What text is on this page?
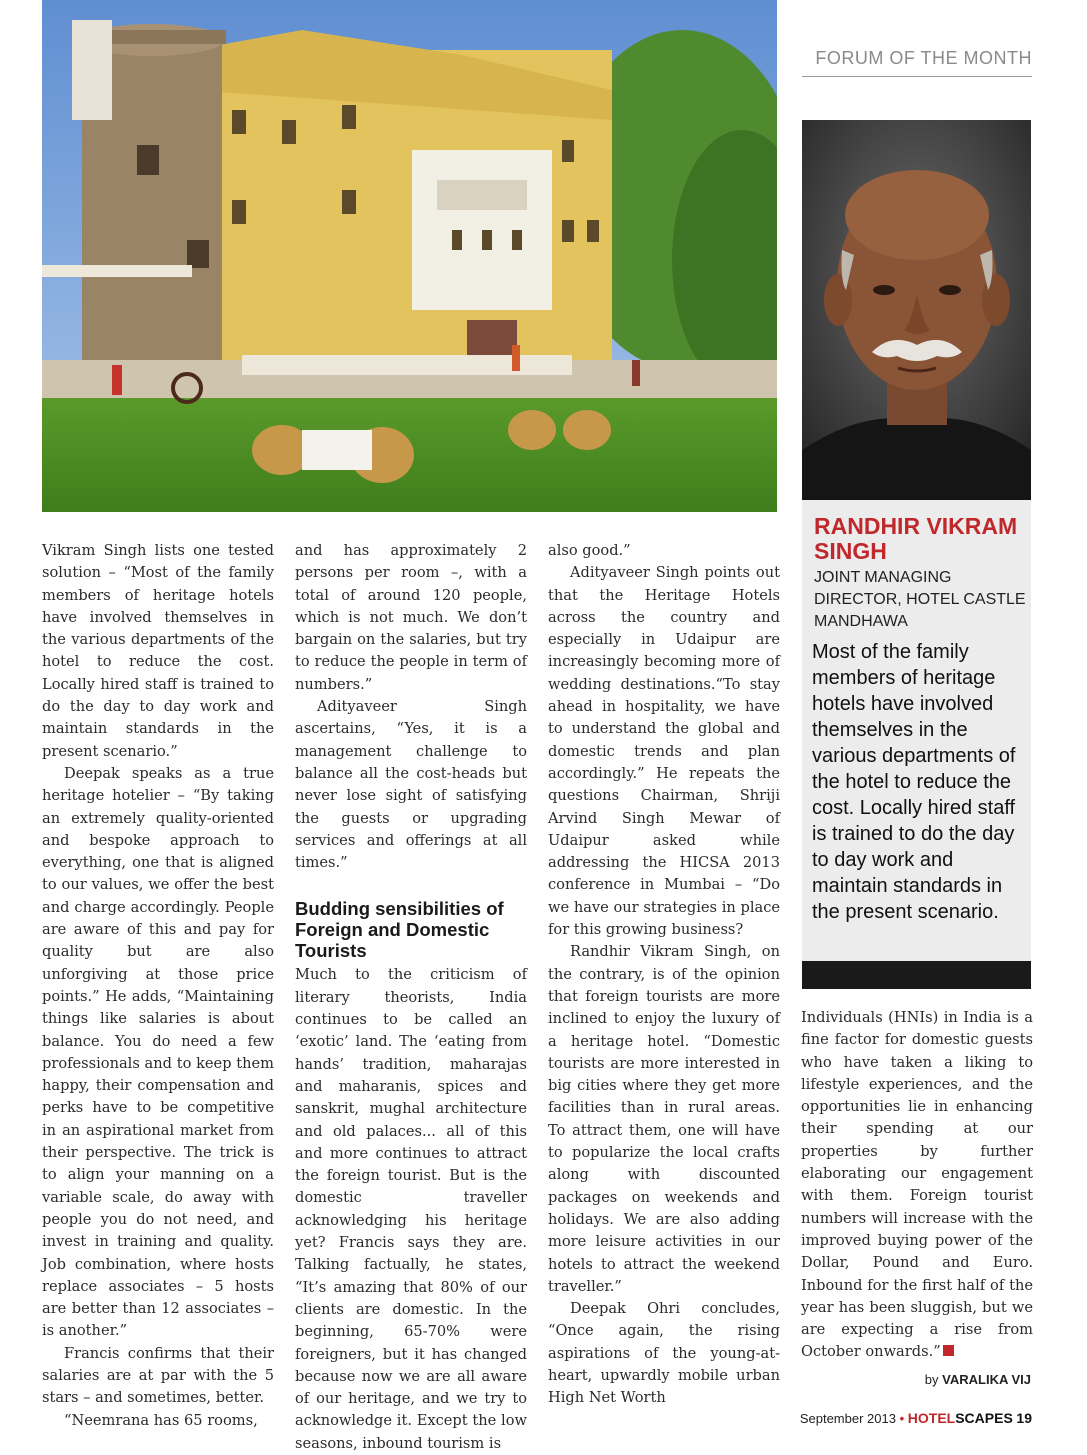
FORUM OF THE MONTH
RANDHIR VIKRAM SINGH
JOINT MANAGING DIRECTOR, HOTEL CASTLE MANDHAWA
Most of the family members of heritage hotels have involved themselves in the various departments of the hotel to reduce the cost. Locally hired staff is trained to do the day to day work and maintain standards in the present scenario.

Vikram Singh lists one tested solution – “Most of the family members of heritage hotels have involved themselves in the various departments of the hotel to reduce the cost. Locally hired staff is trained to do the day to day work and maintain standards in the present scenario.”

Deepak speaks as a true heritage hotelier – “By taking an extremely quality-oriented and bespoke approach to everything, one that is aligned to our values, we offer the best and charge accordingly. People are aware of this and pay for quality but are also unforgiving at those price points.” He adds, “Maintaining things like salaries is about balance. You do need a few professionals and to keep them happy, their compensation and perks have to be competitive in an aspirational market from their perspective. The trick is to align your manning on a variable scale, do away with people you do not need, and invest in training and quality. Job combination, where hosts replace associates – 5 hosts are better than 12 associates – is another.”

Francis confirms that their salaries are at par with the 5 stars – and sometimes, better.

“Neemrana has 65 rooms,

and has approximately 2 persons per room –, with a total of around 120 people, which is not much. We don’t bargain on the salaries, but try to reduce the people in term of numbers.”

Adityaveer Singh ascertains, “Yes, it is a management challenge to balance all the cost-heads but never lose sight of satisfying the guests or upgrading services and offerings at all times.”

Budding sensibilities of Foreign and Domestic Tourists

Much to the criticism of literary theorists, India continues to be called an ‘exotic’ land. The ‘eating from hands’ tradition, maharajas and maharanis, spices and sanskrit, mughal architecture and old palaces... all of this and more continues to attract the foreign tourist. But is the domestic traveller acknowledging his heritage yet? Francis says they are. Talking factually, he states, “It’s amazing that 80% of our clients are domestic. In the beginning, 65-70% were foreigners, but it has changed because now we are all aware of our heritage, and we try to acknowledge it. Except the low seasons, inbound tourism is

also good.”

Adityaveer Singh points out that the Heritage Hotels across the country and especially in Udaipur are increasingly becoming more of wedding destinations.“To stay ahead in hospitality, we have to understand the global and domestic trends and plan accordingly.” He repeats the questions Chairman, Shriji Arvind Singh Mewar of Udaipur asked while addressing the HICSA 2013 conference in Mumbai – “Do we have our strategies in place for this growing business?

Randhir Vikram Singh, on the contrary, is of the opinion that foreign tourists are more inclined to enjoy the luxury of a heritage hotel. “Domestic tourists are more interested in big cities where they get more facilities than in rural areas. To attract them, one will have to popularize the local crafts along with discounted packages on weekends and holidays. We are also adding more leisure activities in our hotels to attract the weekend traveller.”

Deepak Ohri concludes, “Once again, the rising aspirations of the young-at-heart, upwardly mobile urban High Net Worth

Individuals (HNIs) in India is a fine factor for domestic guests who have taken a liking to lifestyle experiences, and the opportunities lie in enhancing their spending at our properties by further elaborating our engagement with them. Foreign tourist numbers will increase with the improved buying power of the Dollar, Pound and Euro. Inbound for the first half of the year has been sluggish, but we are expecting a rise from October onwards.”

by VARALIKA VIJ
September 2013 • HOTELSCAPES 19
